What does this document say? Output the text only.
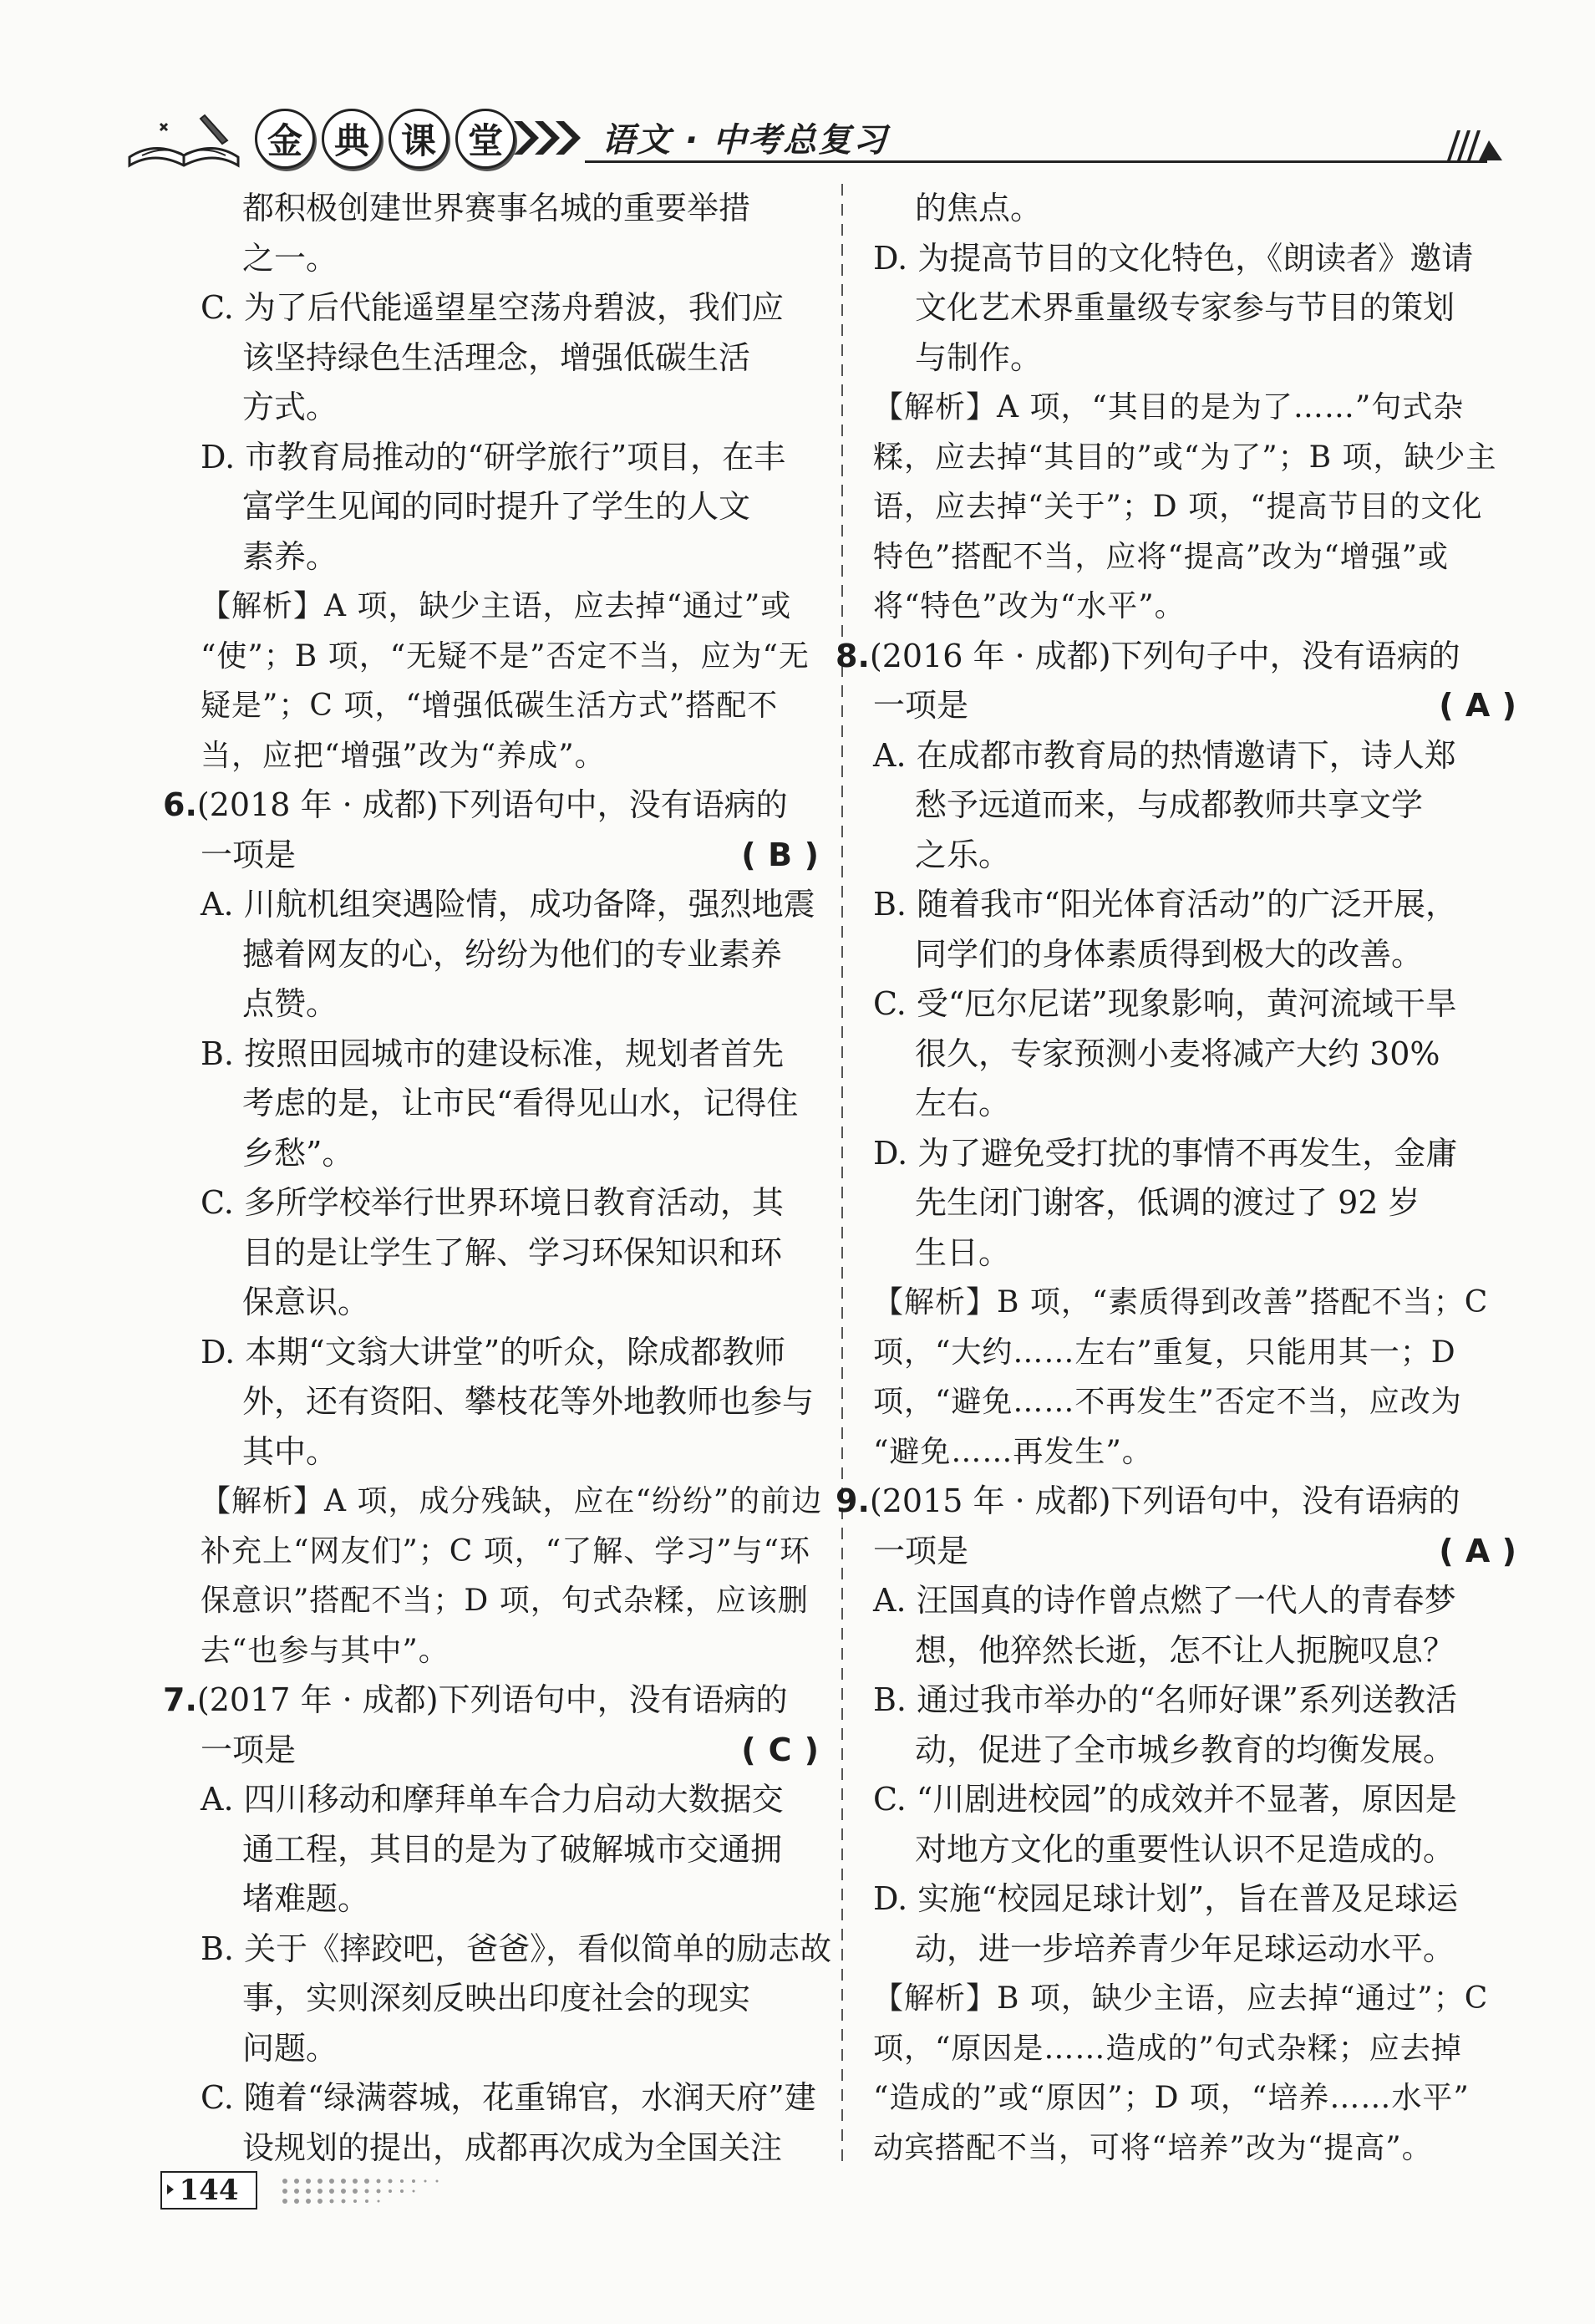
金 典 课 堂	语文 · 中考总复习
都积极创建世界赛事名城的重要举措
之一。
C. 为了后代能遥望星空荡舟碧波，我们应
该坚持绿色生活理念，增强低碳生活
方式。
D. 市教育局推动的“研学旅行”项目，在丰
富学生见闻的同时提升了学生的人文
素养。
【解析】A 项，缺少主语，应去掉“通过”或
“使”；B 项，“无疑不是”否定不当，应为“无
疑是”；C 项，“增强低碳生活方式”搭配不
当，应把“增强”改为“养成”。
6.(2018 年 · 成都)下列语句中，没有语病的
一项是	( B )
A. 川航机组突遇险情，成功备降，强烈地震
撼着网友的心，纷纷为他们的专业素养
点赞。
B. 按照田园城市的建设标准，规划者首先
考虑的是，让市民“看得见山水，记得住
乡愁”。
C. 多所学校举行世界环境日教育活动，其
目的是让学生了解、学习环保知识和环
保意识。
D. 本期“文翁大讲堂”的听众，除成都教师
外，还有资阳、攀枝花等外地教师也参与
其中。
【解析】A 项，成分残缺，应在“纷纷”的前边
补充上“网友们”；C 项，“了解、学习”与“环
保意识”搭配不当；D 项，句式杂糅，应该删
去“也参与其中”。
7.(2017 年 · 成都)下列语句中，没有语病的
一项是	( C )
A. 四川移动和摩拜单车合力启动大数据交
通工程，其目的是为了破解城市交通拥
堵难题。
B. 关于《摔跤吧，爸爸》，看似简单的励志故
事，实则深刻反映出印度社会的现实
问题。
C. 随着“绿满蓉城，花重锦官，水润天府”建
设规划的提出，成都再次成为全国关注
的焦点。
D. 为提高节目的文化特色，《朗读者》邀请
文化艺术界重量级专家参与节目的策划
与制作。
【解析】A 项，“其目的是为了……”句式杂
糅，应去掉“其目的”或“为了”；B 项，缺少主
语，应去掉“关于”；D 项，“提高节目的文化
特色”搭配不当，应将“提高”改为“增强”或
将“特色”改为“水平”。
8.(2016 年 · 成都)下列句子中，没有语病的
一项是	( A )
A. 在成都市教育局的热情邀请下，诗人郑
愁予远道而来，与成都教师共享文学
之乐。
B. 随着我市“阳光体育活动”的广泛开展，
同学们的身体素质得到极大的改善。
C. 受“厄尔尼诺”现象影响，黄河流域干旱
很久，专家预测小麦将减产大约 30%
左右。
D. 为了避免受打扰的事情不再发生，金庸
先生闭门谢客，低调的渡过了 92 岁
生日。
【解析】B 项，“素质得到改善”搭配不当；C
项，“大约……左右”重复，只能用其一；D
项，“避免……不再发生”否定不当，应改为
“避免……再发生”。
9.(2015 年 · 成都)下列语句中，没有语病的
一项是	( A )
A. 汪国真的诗作曾点燃了一代人的青春梦
想，他猝然长逝，怎不让人扼腕叹息？
B. 通过我市举办的“名师好课”系列送教活
动，促进了全市城乡教育的均衡发展。
C. “川剧进校园”的成效并不显著，原因是
对地方文化的重要性认识不足造成的。
D. 实施“校园足球计划”，旨在普及足球运
动，进一步培养青少年足球运动水平。
【解析】B 项，缺少主语，应去掉“通过”；C
项，“原因是……造成的”句式杂糅；应去掉
“造成的”或“原因”；D 项，“培养……水平”
动宾搭配不当，可将“培养”改为“提高”。
144
